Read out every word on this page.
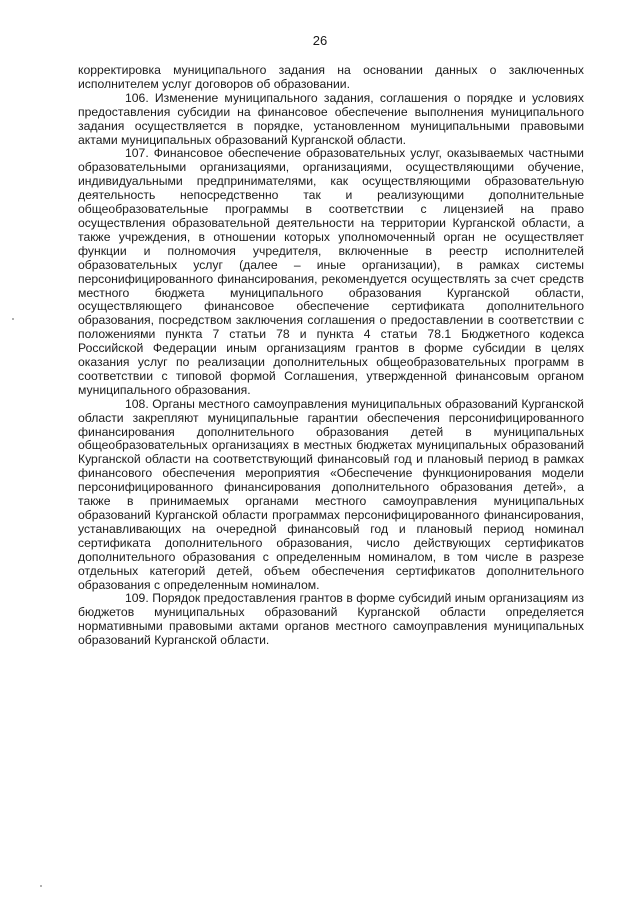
26
корректировка муниципального задания на основании данных о заключенных
исполнителем услуг договоров об образовании.
106. Изменение муниципального задания, соглашения о порядке и условиях
предоставления субсидии на финансовое обеспечение выполнения муниципального
задания осуществляется в порядке, установленном муниципальными правовыми
актами муниципальных образований Курганской области.
107. Финансовое обеспечение образовательных услуг, оказываемых частными
образовательными организациями, организациями, осуществляющими обучение,
индивидуальными предпринимателями, как осуществляющими образовательную
деятельность непосредственно так и реализующими дополнительные
общеобразовательные программы в соответствии с лицензией на право
осуществления образовательной деятельности на территории Курганской области, а
также учреждения, в отношении которых уполномоченный орган не осуществляет
функции и полномочия учредителя, включенные в реестр исполнителей
образовательных услуг (далее – иные организации), в рамках системы
персонифицированного финансирования, рекомендуется осуществлять за счет средств
местного бюджета муниципального образования Курганской области,
осуществляющего финансовое обеспечение сертификата дополнительного
образования, посредством заключения соглашения о предоставлении в соответствии с
положениями пункта 7 статьи 78 и пункта 4 статьи 78.1 Бюджетного кодекса
Российской Федерации иным организациям грантов в форме субсидии в целях
оказания услуг по реализации дополнительных общеобразовательных программ в
соответствии с типовой формой Соглашения, утвержденной финансовым органом
муниципального образования.
108. Органы местного самоуправления муниципальных образований Курганской
области закрепляют муниципальные гарантии обеспечения персонифицированного
финансирования дополнительного образования детей в муниципальных
общеобразовательных организациях в местных бюджетах муниципальных образований
Курганской области на соответствующий финансовый год и плановый период в рамках
финансового обеспечения мероприятия «Обеспечение функционирования модели
персонифицированного финансирования дополнительного образования детей», а
также в принимаемых органами местного самоуправления муниципальных
образований Курганской области программах персонифицированного финансирования,
устанавливающих на очередной финансовый год и плановый период номинал
сертификата дополнительного образования, число действующих сертификатов
дополнительного образования с определенным номиналом, в том числе в разрезе
отдельных категорий детей, объем обеспечения сертификатов дополнительного
образования с определенным номиналом.
109. Порядок предоставления грантов в форме субсидий иным организациям из
бюджетов муниципальных образований Курганской области определяется
нормативными правовыми актами органов местного самоуправления муниципальных
образований Курганской области.
